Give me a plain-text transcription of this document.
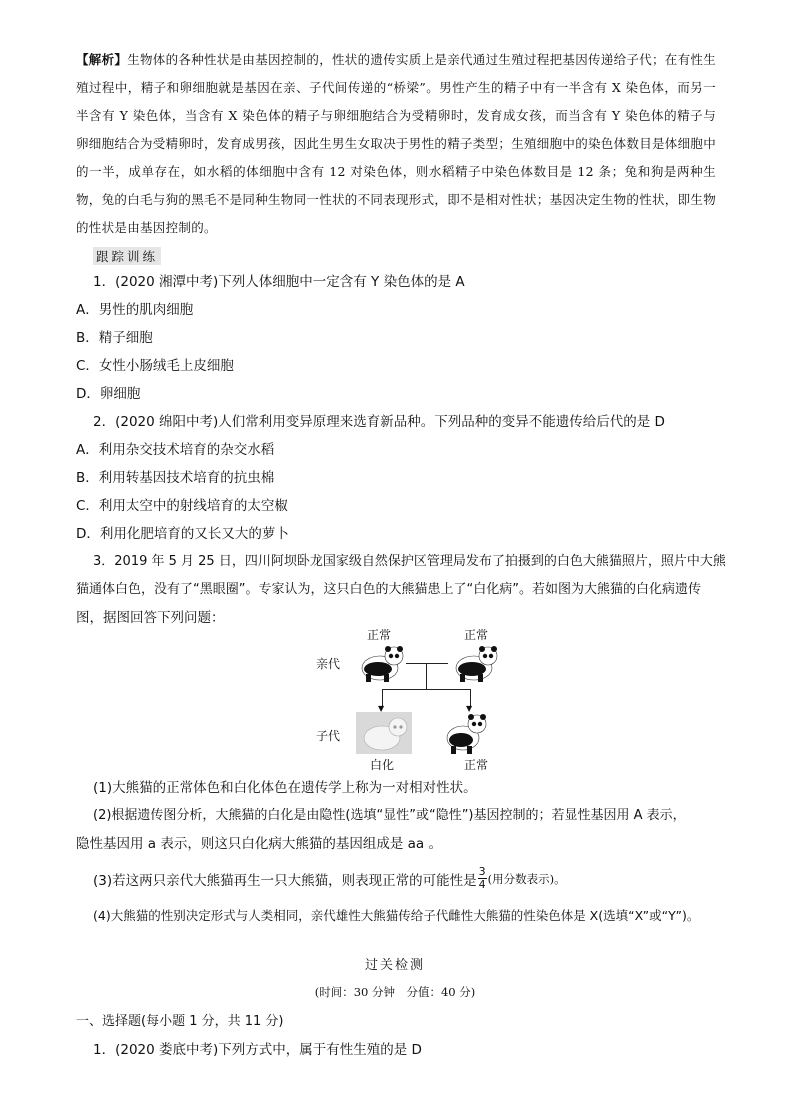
【解析】生物体的各种性状是由基因控制的，性状的遗传实质上是亲代通过生殖过程把基因传递给子代；在有性生殖过程中，精子和卵细胞就是基因在亲、子代间传递的“桥梁”。男性产生的精子中有一半含有 X 染色体，而另一半含有 Y 染色体，当含有 X 染色体的精子与卵细胞结合为受精卵时，发育成女孩，而当含有 Y 染色体的精子与卵细胞结合为受精卵时，发育成男孩，因此生男生女取决于男性的精子类型；生殖细胞中的染色体数目是体细胞中的一半，成单存在，如水稻的体细胞中含有 12 对染色体，则水稻精子中染色体数目是 12 条；兔和狗是两种生物，兔的白毛与狗的黑毛不是同种生物同一性状的不同表现形式，即不是相对性状；基因决定生物的性状，即生物的性状是由基因控制的。

跟踪训练

1．(2020 湘潭中考)下列人体细胞中一定含有 Y 染色体的是 A

A．男性的肌肉细胞

B．精子细胞

C．女性小肠绒毛上皮细胞

D．卵细胞

2．(2020 绵阳中考)人们常利用变异原理来选育新品种。下列品种的变异不能遗传给后代的是 D

A．利用杂交技术培育的杂交水稻

B．利用转基因技术培育的抗虫棉

C．利用太空中的射线培育的太空椒

D．利用化肥培育的又长又大的萝卜

3．2019 年 5 月 25 日，四川阿坝卧龙国家级自然保护区管理局发布了拍摄到的白色大熊猫照片，照片中大熊

猫通体白色，没有了“黑眼圈”。专家认为，这只白色的大熊猫患上了“白化病”。若如图为大熊猫的白化病遗传

图，据图回答下列问题：

正常	正常
亲代
▼	▼
子代
白化	正常

(1)大熊猫的正常体色和白化体色在遗传学上称为一对相对性状。

(2)根据遗传图分析，大熊猫的白化是由隐性(选填“显性”或“隐性”)基因控制的；若显性基因用 A 表示，

隐性基因用 a 表示，则这只白化病大熊猫的基因组成是 aa 。

(3)若这两只亲代大熊猫再生一只大熊猫，则表现正常的可能性是 $\frac{3}{4}$ (用分数表示)。

(4)大熊猫的性别决定形式与人类相同，亲代雄性大熊猫传给子代雌性大熊猫的性染色体是 X(选填“X”或“Y”)。

过关检测

(时间：30 分钟　分值：40 分)

一、选择题(每小题 1 分，共 11 分)

1．(2020 娄底中考)下列方式中，属于有性生殖的是 D
